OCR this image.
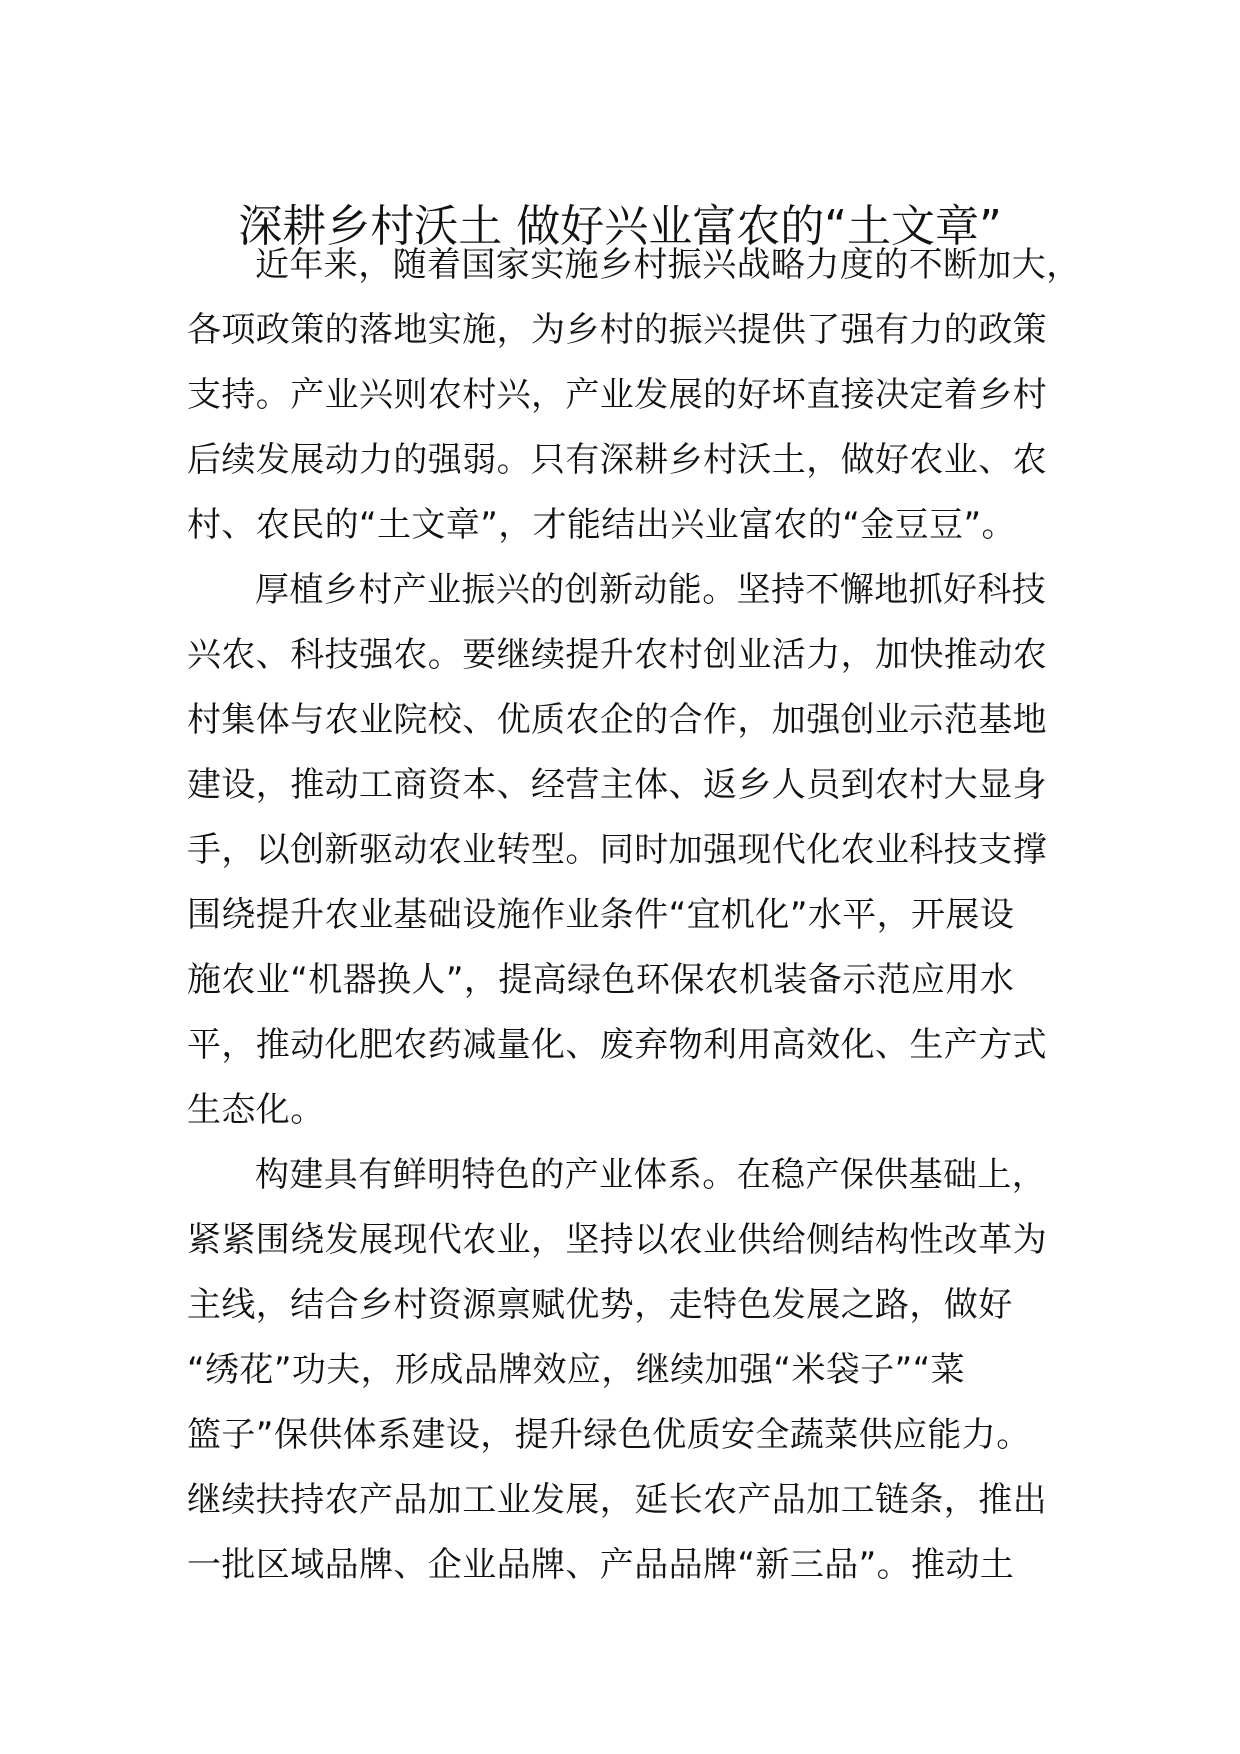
深耕乡村沃土 做好兴业富农的“土文章”
近年来，随着国家实施乡村振兴战略力度的不断加大，
各项政策的落地实施，为乡村的振兴提供了强有力的政策
支持。产业兴则农村兴，产业发展的好坏直接决定着乡村
后续发展动力的强弱。只有深耕乡村沃土，做好农业、农
村、农民的“土文章”，才能结出兴业富农的“金豆豆”。
厚植乡村产业振兴的创新动能。坚持不懈地抓好科技
兴农、科技强农。要继续提升农村创业活力，加快推动农
村集体与农业院校、优质农企的合作，加强创业示范基地
建设，推动工商资本、经营主体、返乡人员到农村大显身
手，以创新驱动农业转型。同时加强现代化农业科技支撑
围绕提升农业基础设施作业条件“宜机化”水平，开展设
施农业“机器换人”，提高绿色环保农机装备示范应用水
平，推动化肥农药减量化、废弃物利用高效化、生产方式
生态化。
构建具有鲜明特色的产业体系。在稳产保供基础上，
紧紧围绕发展现代农业，坚持以农业供给侧结构性改革为
主线，结合乡村资源禀赋优势，走特色发展之路，做好
“绣花”功夫，形成品牌效应，继续加强“米袋子”“菜
篮子”保供体系建设，提升绿色优质安全蔬菜供应能力。
继续扶持农产品加工业发展，延长农产品加工链条，推出
一批区域品牌、企业品牌、产品品牌“新三品”。推动土
